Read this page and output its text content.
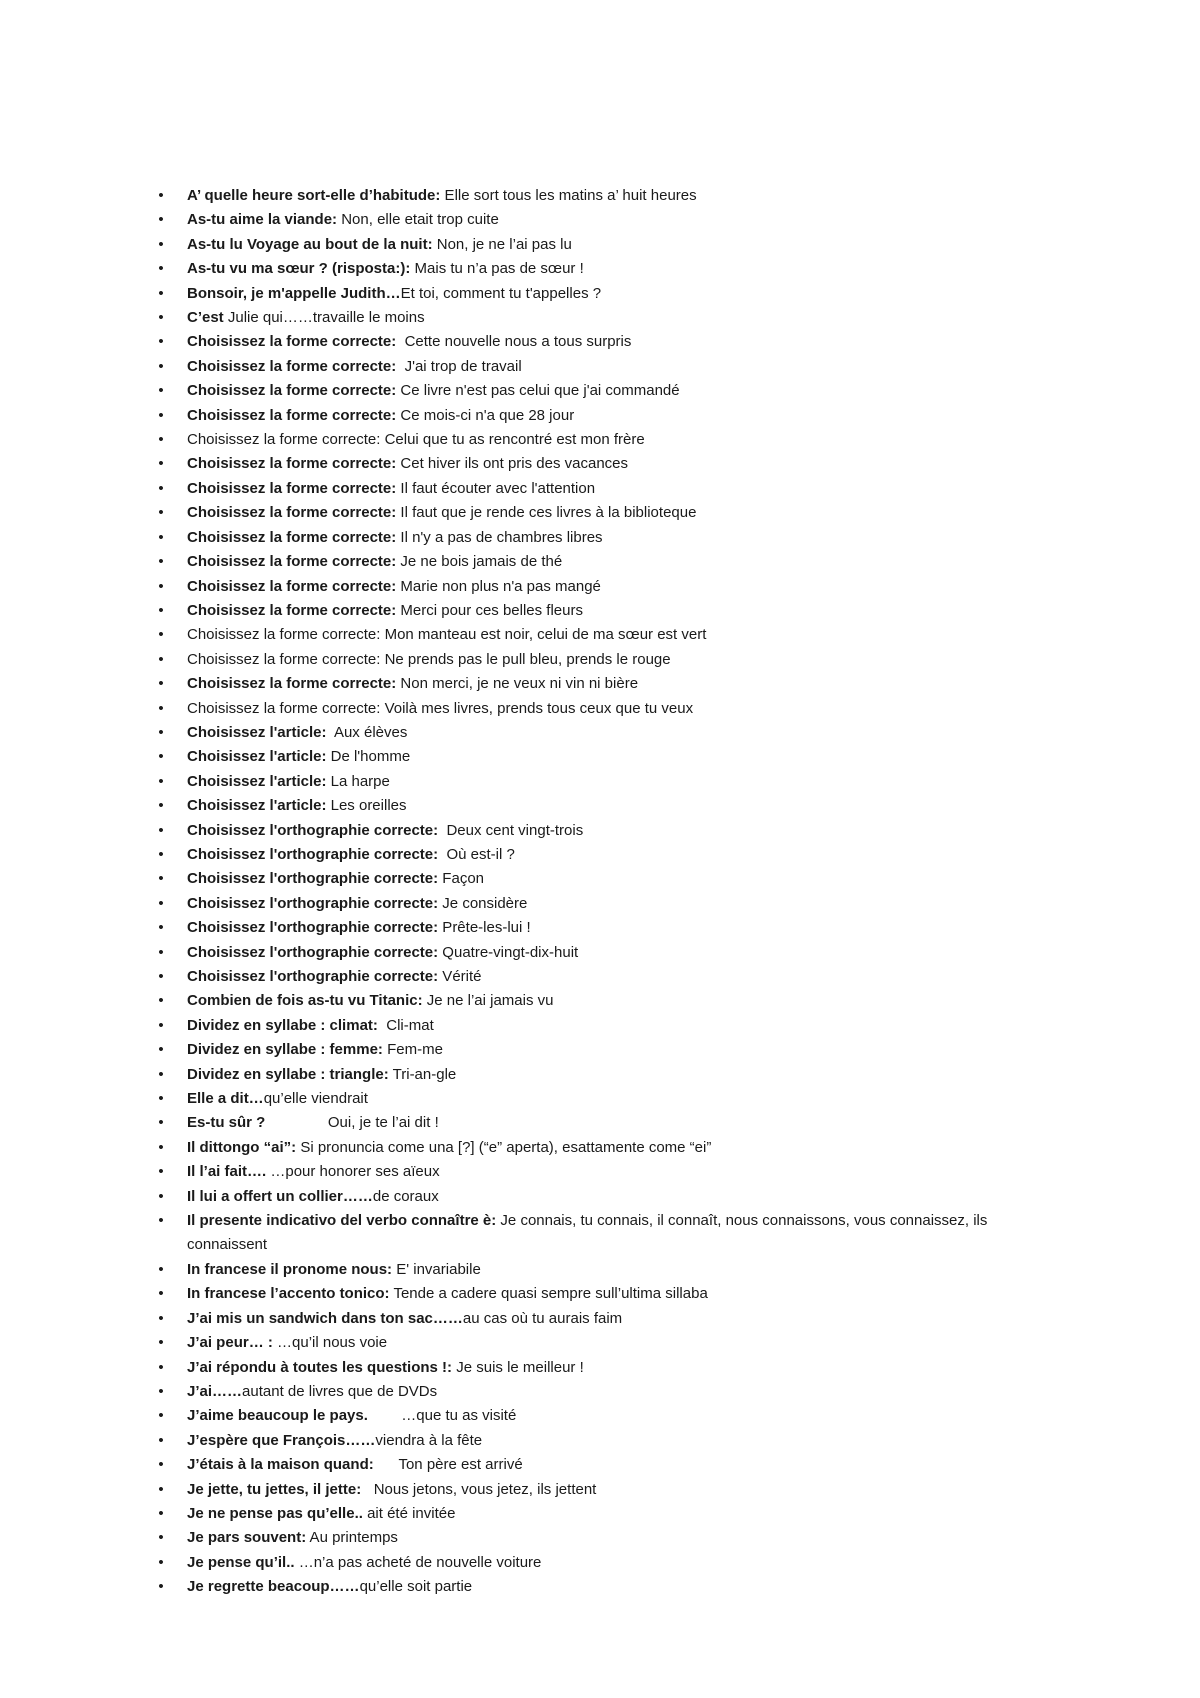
• A’ quelle heure sort-elle d’habitude: Elle sort tous les matins a’ huit heures
• As-tu aime la viande: Non, elle etait trop cuite
• As-tu lu Voyage au bout de la nuit: Non, je ne l’ai pas lu
• As-tu vu ma sœur ? (risposta:): Mais tu n’a pas de sœur !
• Bonsoir, je m'appelle Judith…Et toi, comment tu t'appelles ?
• C’est Julie qui……travaille le moins
• Choisissez la forme correcte:  Cette nouvelle nous a tous surpris
• Choisissez la forme correcte:  J'ai trop de travail
• Choisissez la forme correcte: Ce livre n'est pas celui que j'ai commandé
• Choisissez la forme correcte: Ce mois-ci n'a que 28 jour
• Choisissez la forme correcte: Celui que tu as rencontré est mon frère
• Choisissez la forme correcte: Cet hiver ils ont pris des vacances
• Choisissez la forme correcte: Il faut écouter avec l'attention
• Choisissez la forme correcte: Il faut que je rende ces livres à la biblioteque
• Choisissez la forme correcte: Il n'y a pas de chambres libres
• Choisissez la forme correcte: Je ne bois jamais de thé
• Choisissez la forme correcte: Marie non plus n'a pas mangé
• Choisissez la forme correcte: Merci pour ces belles fleurs
• Choisissez la forme correcte: Mon manteau est noir, celui de ma sœur est vert
• Choisissez la forme correcte: Ne prends pas le pull bleu, prends le rouge
• Choisissez la forme correcte: Non merci, je ne veux ni vin ni bière
• Choisissez la forme correcte: Voilà mes livres, prends tous ceux que tu veux
• Choisissez l'article:  Aux élèves
• Choisissez l'article: De l'homme
• Choisissez l'article: La harpe
• Choisissez l'article: Les oreilles
• Choisissez l'orthographie correcte:  Deux cent vingt-trois
• Choisissez l'orthographie correcte:  Où est-il ?
• Choisissez l'orthographie correcte: Façon
• Choisissez l'orthographie correcte: Je considère
• Choisissez l'orthographie correcte: Prête-les-lui !
• Choisissez l'orthographie correcte: Quatre-vingt-dix-huit
• Choisissez l'orthographie correcte: Vérité
• Combien de fois as-tu vu Titanic: Je ne l’ai jamais vu
• Dividez en syllabe : climat:  Cli-mat
• Dividez en syllabe : femme: Fem-me
• Dividez en syllabe : triangle: Tri-an-gle
• Elle a dit…qu’elle viendrait
• Es-tu sûr ?               Oui, je te l’ai dit !
• Il dittongo “ai”: Si pronuncia come una [?] (“e” aperta), esattamente come “ei”
• Il l’ai fait…. …pour honorer ses aïeux
• Il lui a offert un collier……de coraux
• Il presente indicativo del verbo connaître è: Je connais, tu connais, il connaît, nous connaissons, vous connaissez, ils connaissent
• In francese il pronome nous: E' invariabile
• In francese l’accento tonico: Tende a cadere quasi sempre sull’ultima sillaba
• J’ai mis un sandwich dans ton sac……au cas où tu aurais faim
• J’ai peur… : …qu’il nous voie
• J’ai répondu à toutes les questions !: Je suis le meilleur !
• J’ai……autant de livres que de DVDs
• J’aime beaucoup le pays.        …que tu as visité
• J’espère que François……viendra à la fête
• J’étais à la maison quand:      Ton père est arrivé
• Je jette, tu jettes, il jette:   Nous jetons, vous jetez, ils jettent
• Je ne pense pas qu’elle.. ait été invitée
• Je pars souvent: Au printemps
• Je pense qu’il.. …n’a pas acheté de nouvelle voiture
• Je regrette beacoup……qu’elle soit partie
